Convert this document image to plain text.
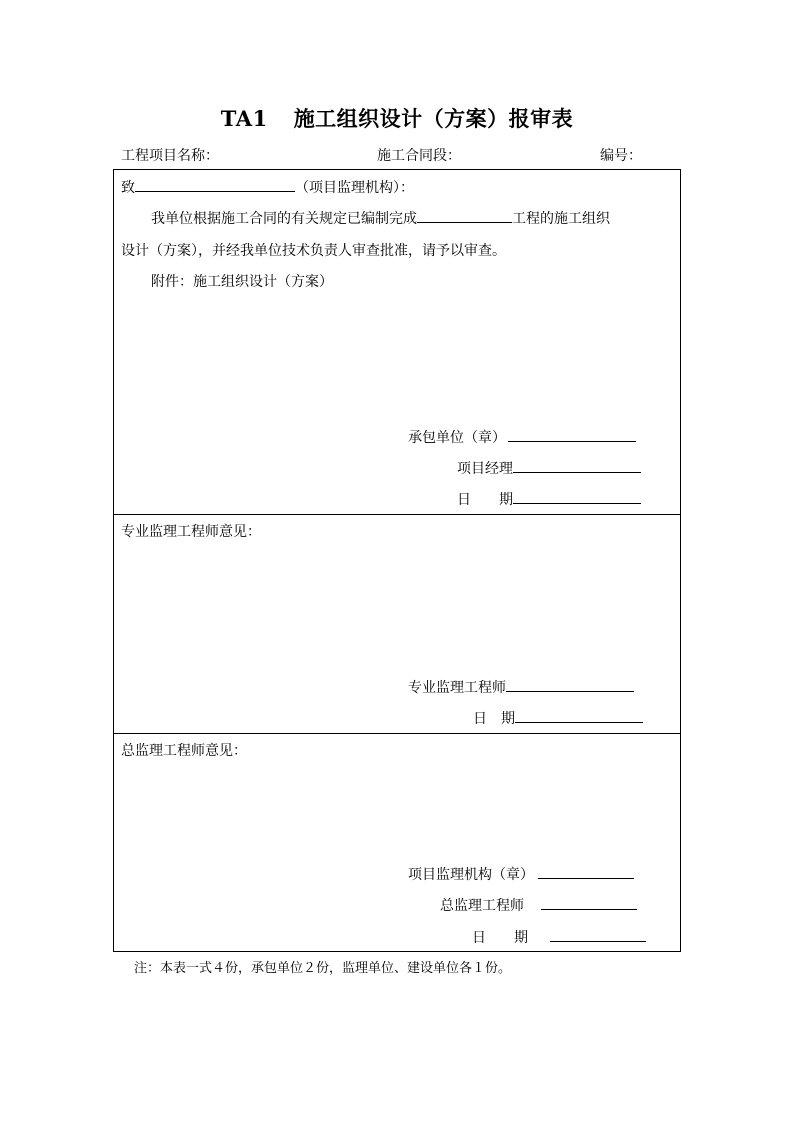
TA1 施工组织设计（方案）报审表
工程项目名称：	施工合同段：	编号：
致	（项目监理机构）：
我单位根据施工合同的有关规定已编制完成	工程的施工组织
设计（方案），并经我单位技术负责人审查批准，请予以审查。
附件：施工组织设计（方案）
承包单位（章）
项目经理
日　　期
专业监理工程师意见：
专业监理工程师
日　期
总监理工程师意见：
项目监理机构（章）
总监理工程师
日　　期
注：本表一式４份，承包单位２份，监理单位、建设单位各１份。
